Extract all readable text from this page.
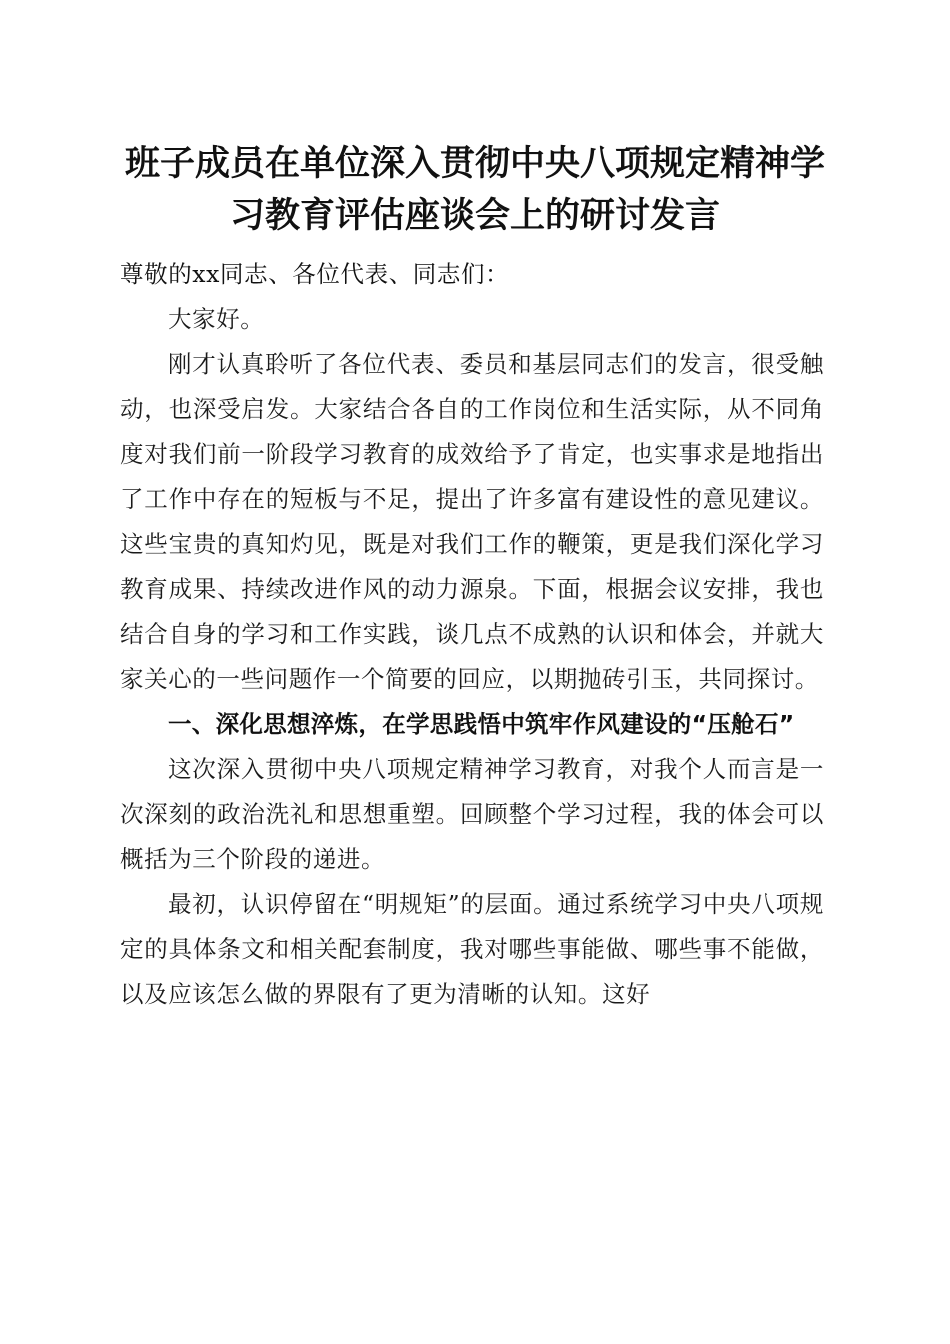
班子成员在单位深入贯彻中央八项规定精神学
习教育评估座谈会上的研讨发言

尊敬的xx同志、各位代表、同志们：

大家好。

刚才认真聆听了各位代表、委员和基层同志们的发言，很受触动，也深受启发。大家结合各自的工作岗位和生活实际，从不同角度对我们前一阶段学习教育的成效给予了肯定，也实事求是地指出了工作中存在的短板与不足，提出了许多富有建设性的意见建议。这些宝贵的真知灼见，既是对我们工作的鞭策，更是我们深化学习教育成果、持续改进作风的动力源泉。下面，根据会议安排，我也结合自身的学习和工作实践，谈几点不成熟的认识和体会，并就大家关心的一些问题作一个简要的回应，以期抛砖引玉，共同探讨。

一、深化思想淬炼，在学思践悟中筑牢作风建设的“压舱石”

这次深入贯彻中央八项规定精神学习教育，对我个人而言是一次深刻的政治洗礼和思想重塑。回顾整个学习过程，我的体会可以概括为三个阶段的递进。

最初，认识停留在“明规矩”的层面。通过系统学习中央八项规定的具体条文和相关配套制度，我对哪些事能做、哪些事不能做，以及应该怎么做的界限有了更为清晰的认知。这好
